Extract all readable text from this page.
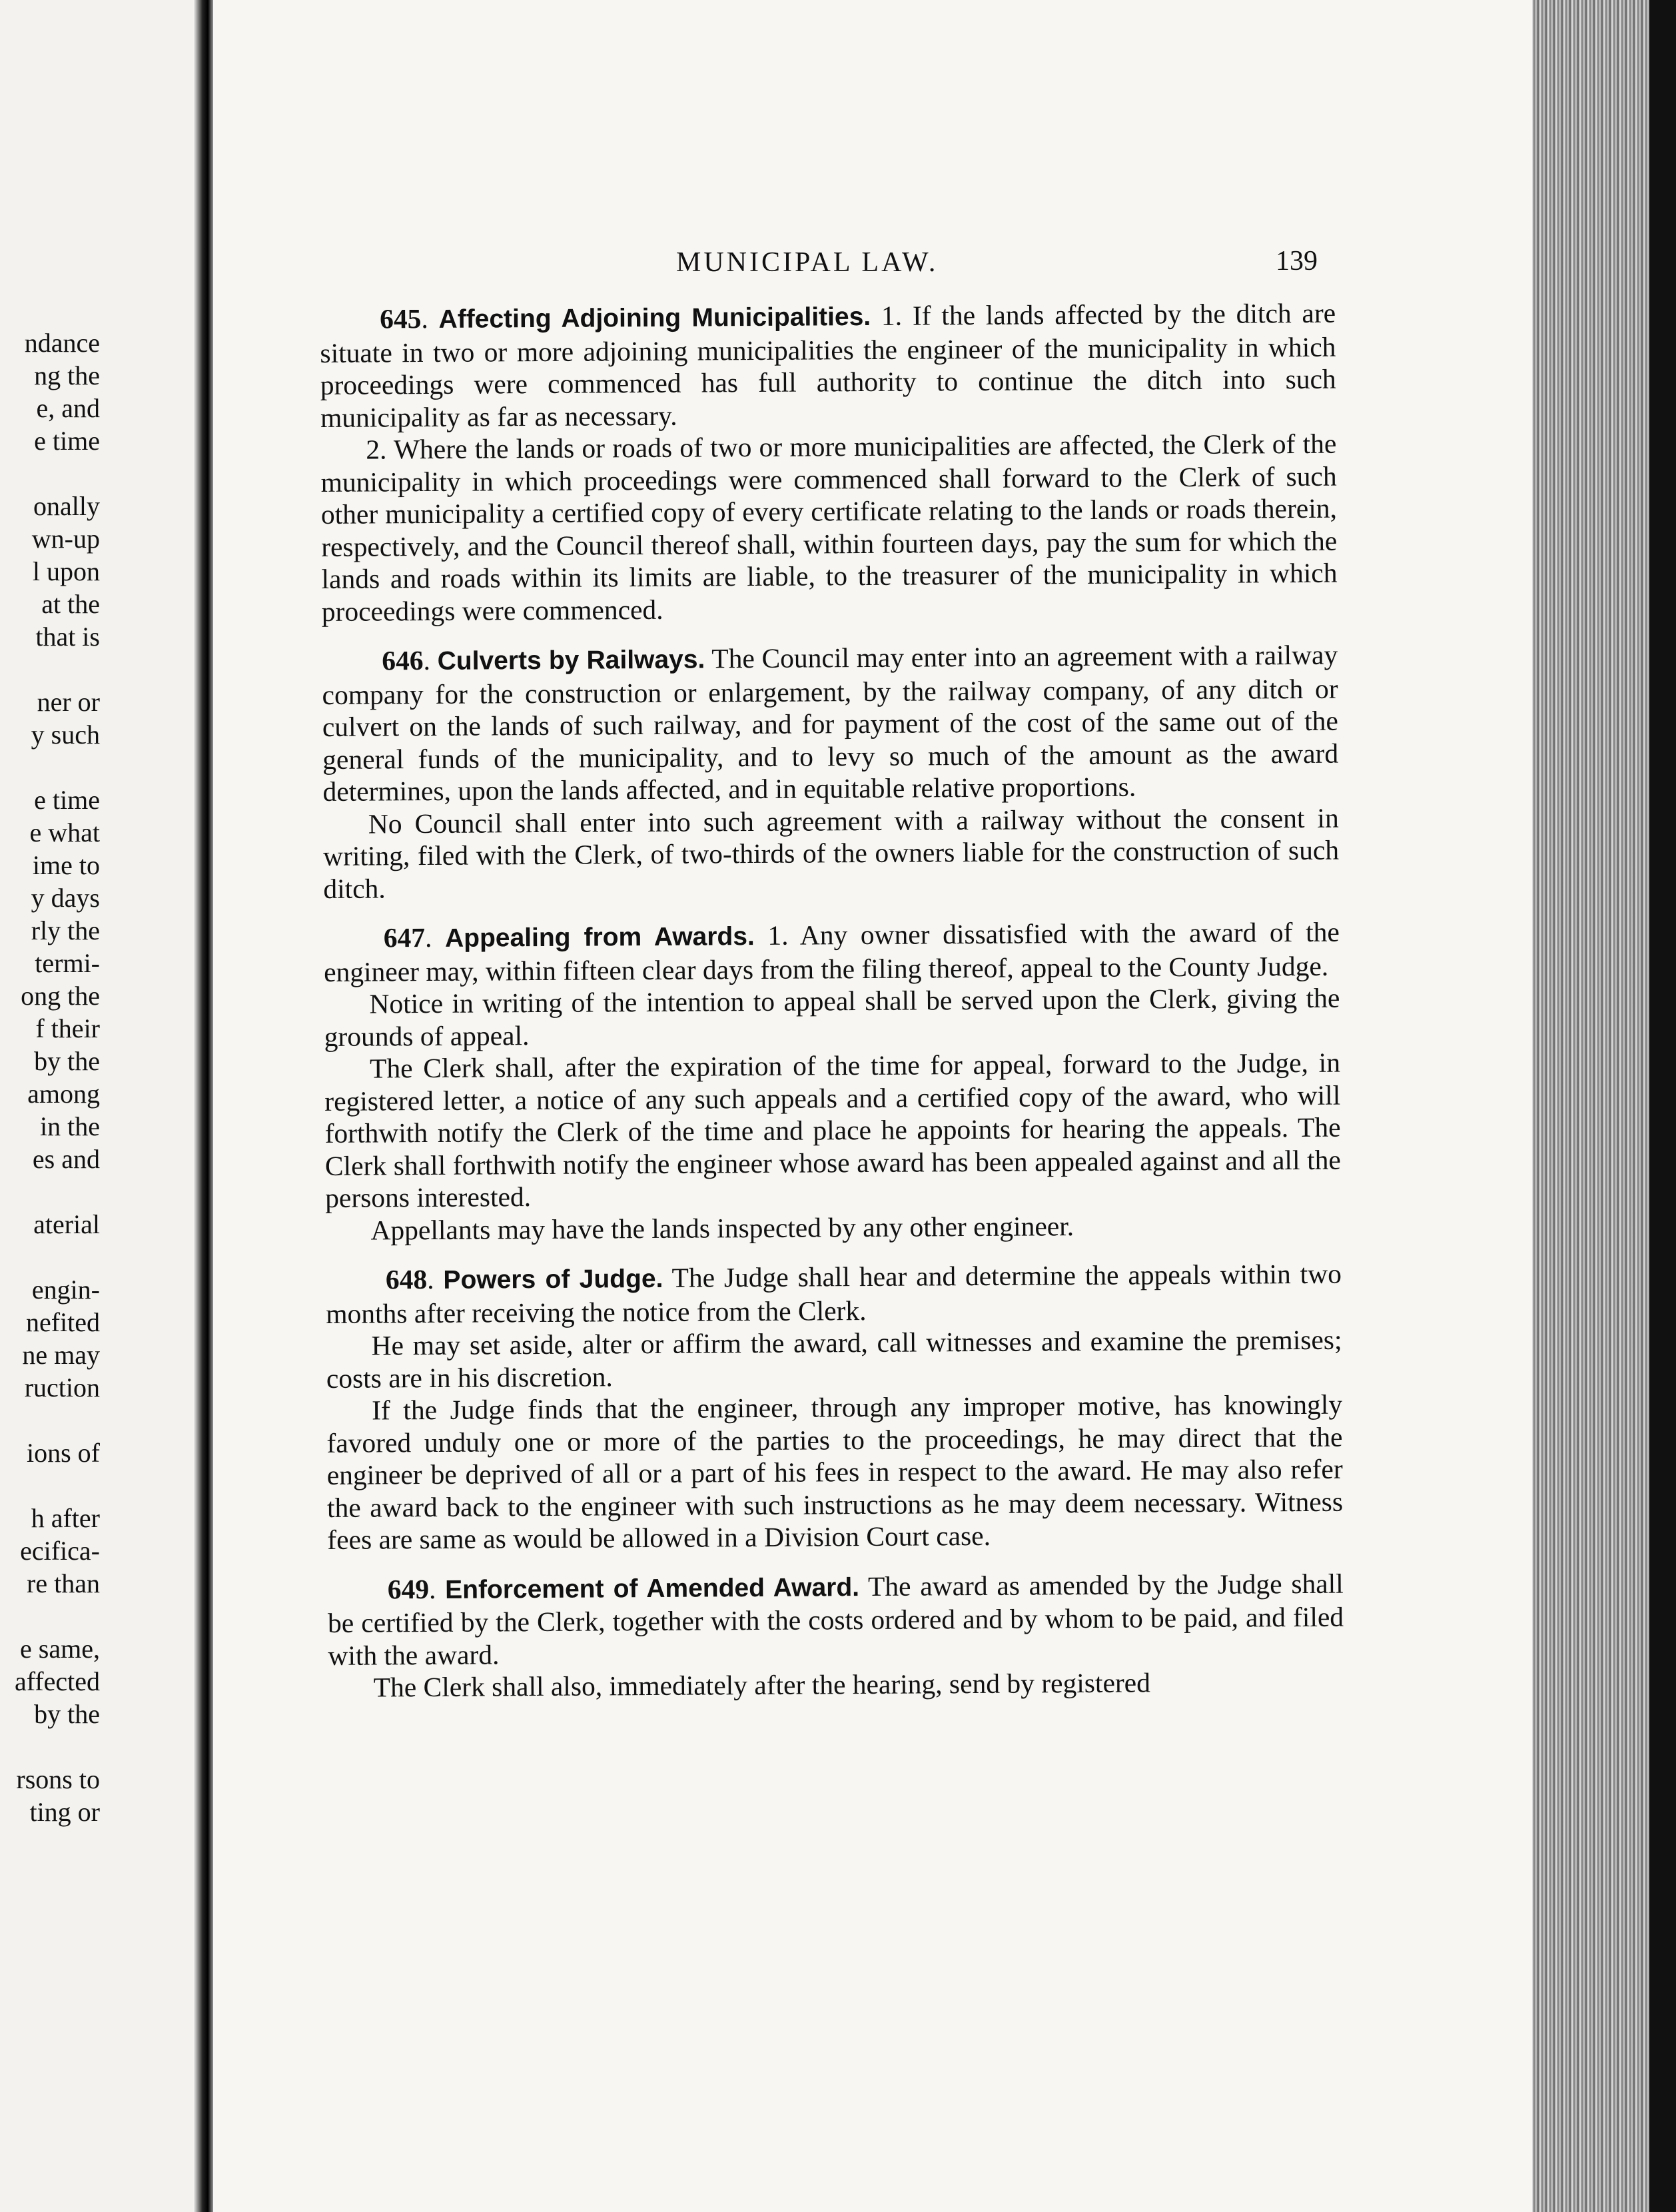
ndance
ng the
e, and
e time
onally
wn-up
l upon
at the
that is
ner or
y such
e time
e what
ime to
y days
rly the
termi-
ong the
f their
by the
among
in the
es and
aterial
engin-
nefited
ne may
ruction
ions of
h after
ecifica-
re than
e same,
affected
by the
rsons to
ting or
MUNICIPAL LAW.	139

645. Affecting Adjoining Municipalities. 1. If the lands affected by the ditch are situate in two or more adjoining municipalities the engineer of the municipality in which proceedings were commenced has full authority to continue the ditch into such municipality as far as necessary.

2. Where the lands or roads of two or more municipalities are affected, the Clerk of the municipality in which proceedings were commenced shall forward to the Clerk of such other municipality a certified copy of every certificate relating to the lands or roads therein, respectively, and the Council thereof shall, within fourteen days, pay the sum for which the lands and roads within its limits are liable, to the treasurer of the municipality in which proceedings were commenced.

646. Culverts by Railways. The Council may enter into an agreement with a railway company for the construction or enlargement, by the railway company, of any ditch or culvert on the lands of such railway, and for payment of the cost of the same out of the general funds of the municipality, and to levy so much of the amount as the award determines, upon the lands affected, and in equitable relative proportions.

No Council shall enter into such agreement with a railway without the consent in writing, filed with the Clerk, of two-thirds of the owners liable for the construction of such ditch.

647. Appealing from Awards. 1. Any owner dissatisfied with the award of the engineer may, within fifteen clear days from the filing thereof, appeal to the County Judge.

Notice in writing of the intention to appeal shall be served upon the Clerk, giving the grounds of appeal.

The Clerk shall, after the expiration of the time for appeal, forward to the Judge, in registered letter, a notice of any such appeals and a certified copy of the award, who will forthwith notify the Clerk of the time and place he appoints for hearing the appeals. The Clerk shall forthwith notify the engineer whose award has been appealed against and all the persons interested.

Appellants may have the lands inspected by any other engineer.

648. Powers of Judge. The Judge shall hear and determine the appeals within two months after receiving the notice from the Clerk.

He may set aside, alter or affirm the award, call witnesses and examine the premises; costs are in his discretion.

If the Judge finds that the engineer, through any improper motive, has knowingly favored unduly one or more of the parties to the proceedings, he may direct that the engineer be deprived of all or a part of his fees in respect to the award. He may also refer the award back to the engineer with such instructions as he may deem necessary. Witness fees are same as would be allowed in a Division Court case.

649. Enforcement of Amended Award. The award as amended by the Judge shall be certified by the Clerk, together with the costs ordered and by whom to be paid, and filed with the award.

The Clerk shall also, immediately after the hearing, send by registered
